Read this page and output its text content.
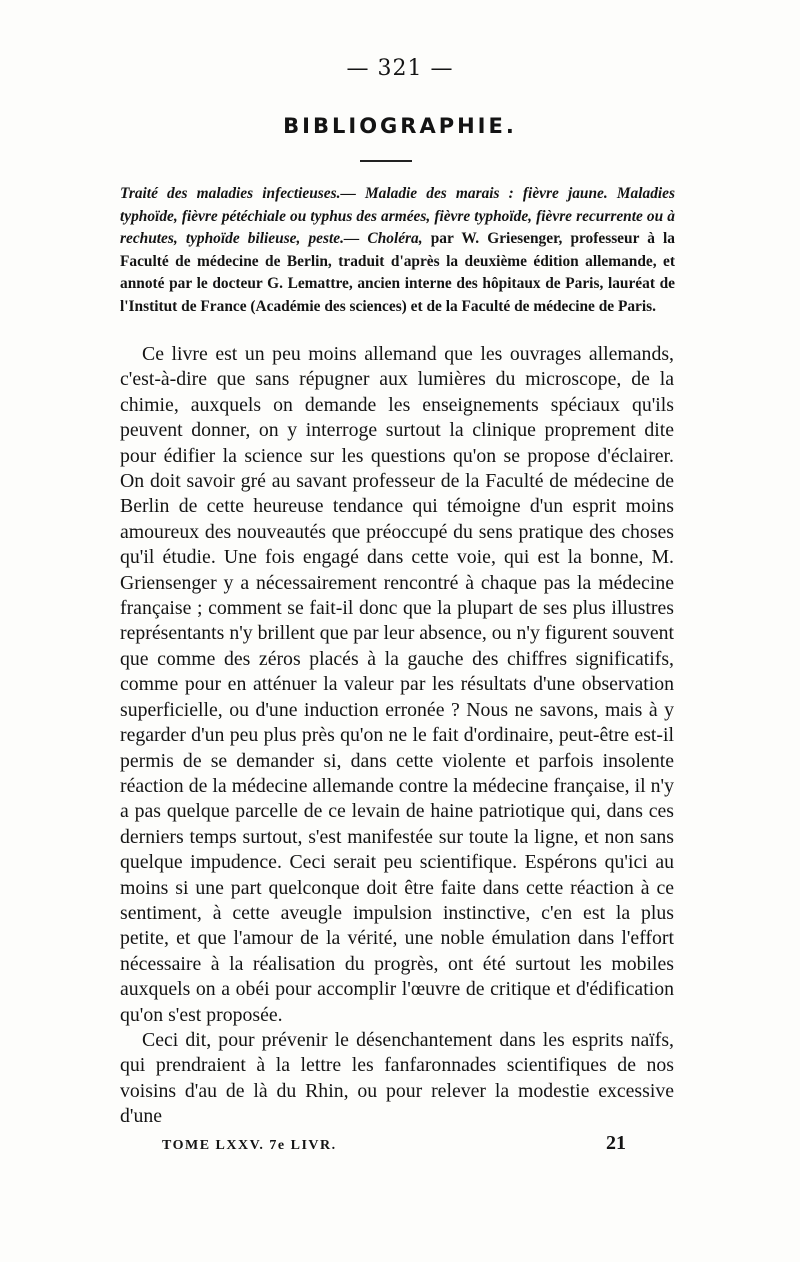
— 321 —
BIBLIOGRAPHIE.
Traité des maladies infectieuses.— Maladie des marais : fièvre jaune. Maladies typhoïde, fièvre pétéchiale ou typhus des armées, fièvre typhoïde, fièvre recurrente ou à rechutes, typhoïde bilieuse, peste.— Choléra, par W. Griesenger, professeur à la Faculté de médecine de Berlin, traduit d'après la deuxième édition allemande, et annoté par le docteur G. Lemattre, ancien interne des hôpitaux de Paris, lauréat de l'Institut de France (Académie des sciences) et de la Faculté de médecine de Paris.

Ce livre est un peu moins allemand que les ouvrages allemands, c'est-à-dire que sans répugner aux lumières du microscope, de la chimie, auxquels on demande les enseignements spéciaux qu'ils peuvent donner, on y interroge surtout la clinique proprement dite pour édifier la science sur les questions qu'on se propose d'éclairer. On doit savoir gré au savant professeur de la Faculté de médecine de Berlin de cette heureuse tendance qui témoigne d'un esprit moins amoureux des nouveautés que préoccupé du sens pratique des choses qu'il étudie. Une fois engagé dans cette voie, qui est la bonne, M. Griensenger y a nécessairement rencontré à chaque pas la médecine française ; comment se fait-il donc que la plupart de ses plus illustres représentants n'y brillent que par leur absence, ou n'y figurent souvent que comme des zéros placés à la gauche des chiffres significatifs, comme pour en atténuer la valeur par les résultats d'une observation superficielle, ou d'une induction erronée ? Nous ne savons, mais à y regarder d'un peu plus près qu'on ne le fait d'ordinaire, peut-être est-il permis de se demander si, dans cette violente et parfois insolente réaction de la médecine allemande contre la médecine française, il n'y a pas quelque parcelle de ce levain de haine patriotique qui, dans ces derniers temps surtout, s'est manifestée sur toute la ligne, et non sans quelque impudence. Ceci serait peu scientifique. Espérons qu'ici au moins si une part quelconque doit être faite dans cette réaction à ce sentiment, à cette aveugle impulsion instinctive, c'en est la plus petite, et que l'amour de la vérité, une noble émulation dans l'effort nécessaire à la réalisation du progrès, ont été surtout les mobiles auxquels on a obéi pour accomplir l'œuvre de critique et d'édification qu'on s'est proposée.

Ceci dit, pour prévenir le désenchantement dans les esprits naïfs, qui prendraient à la lettre les fanfaronnades scientifiques de nos voisins d'au de là du Rhin, ou pour relever la modestie excessive d'une

TOME LXXV. 7e LIVR.	21
